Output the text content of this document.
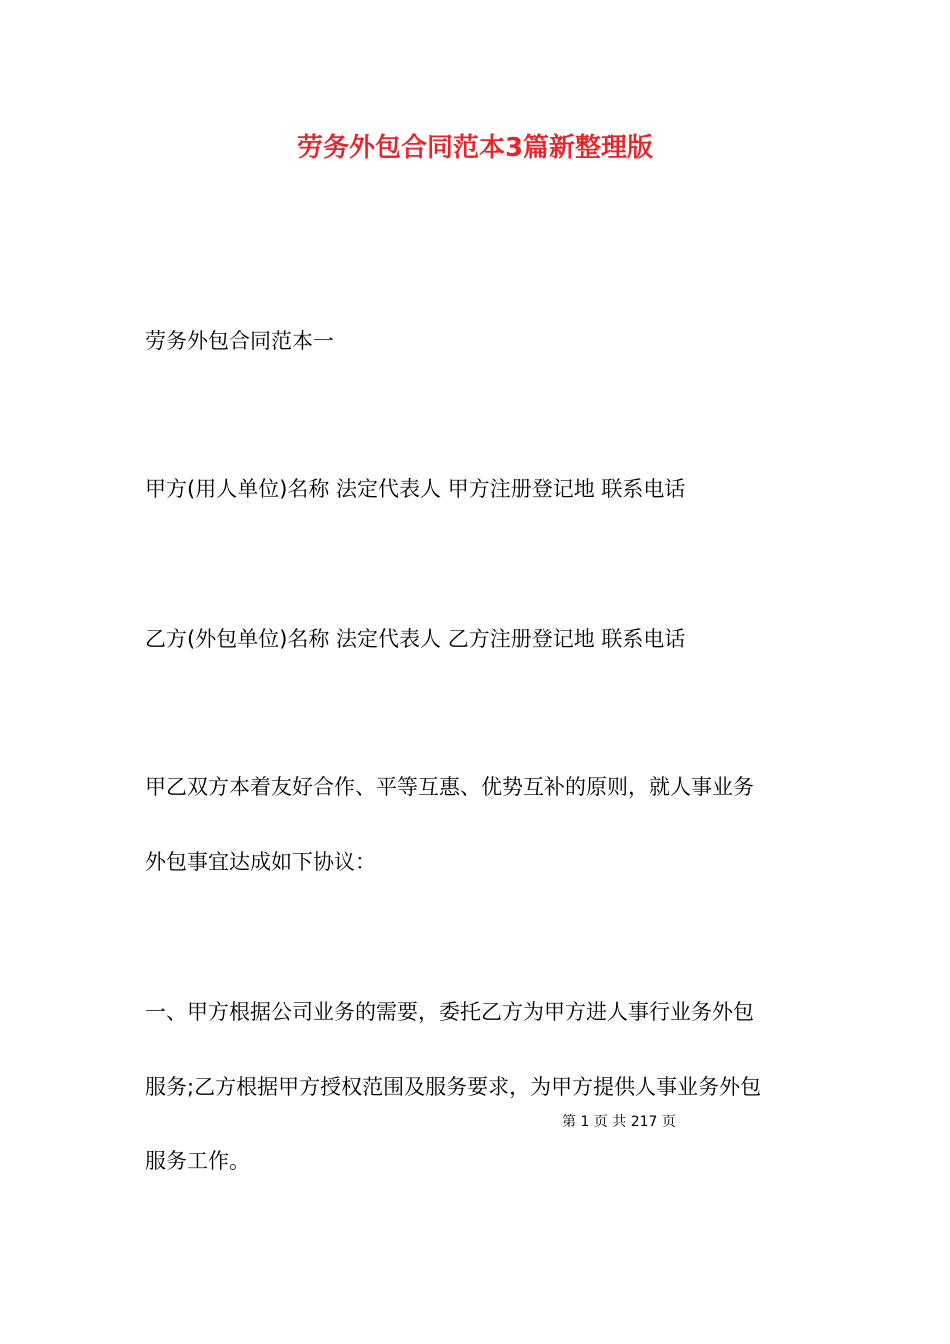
劳务外包合同范本3篇新整理版
劳务外包合同范本一
甲方(用人单位)名称 法定代表人 甲方注册登记地 联系电话
乙方(外包单位)名称 法定代表人 乙方注册登记地 联系电话
甲乙双方本着友好合作、平等互惠、优势互补的原则，就人事业务
外包事宜达成如下协议：
一、甲方根据公司业务的需要，委托乙方为甲方进人事行业务外包
服务;乙方根据甲方授权范围及服务要求，为甲方提供人事业务外包
第 1 页 共 217 页
服务工作。
